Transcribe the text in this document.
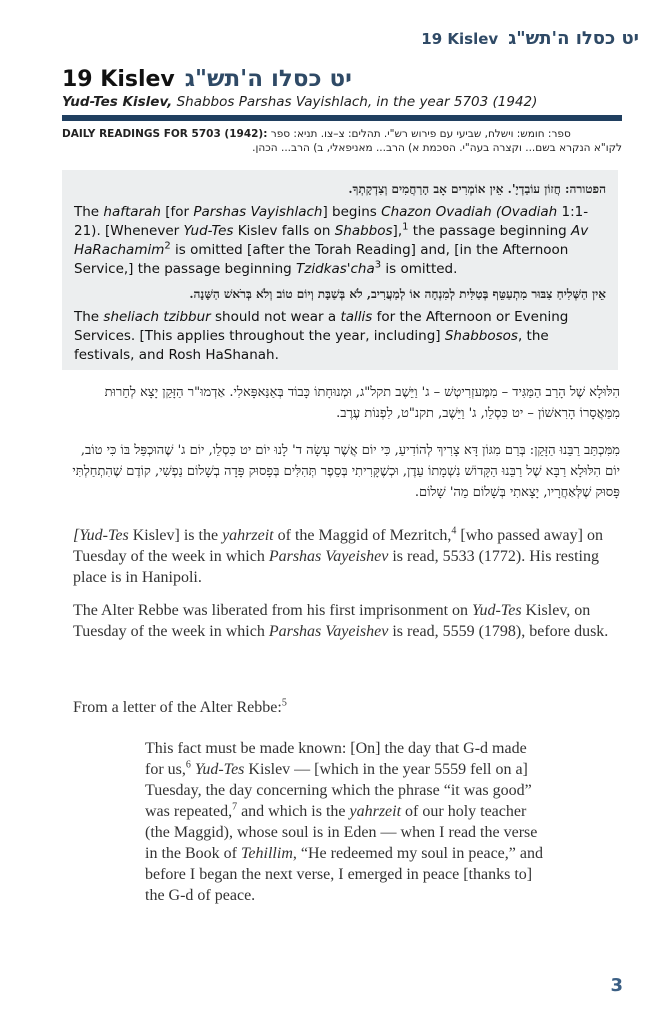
19 Kislev יט כסלו ה'תש"ג
19 Kislev יט כסלו ה'תש"ג
Yud-Tes Kislev, Shabbos Parshas Vayishlach, in the year 5703 (1942)
DAILY READINGS FOR 5703 (1942): ספר: חומש: וישלח, שביעי עם פירוש רש"י. תהלים: צ–צו. תניא: ספר
לקו"א הנקרא בשם... וקצרה בעה"י. הסכמת א) הרב... מאניפאלי, ב) הרב... הכהן.
הפטורה: חֲזוֹן עוֹבַדְיָ'. אֵין אוֹמְרִים אָב הָרַחֲמִים וְצִדְקָתְךָ.
The haftarah [for Parshas Vayishlach] begins Chazon Ovadiah (Ovadiah 1:1-21). [Whenever Yud-Tes Kislev falls on Shabbos],$^1$ the passage beginning Av HaRachamim$^2$ is omitted [after the Torah Reading] and, [in the Afternoon Service,] the passage beginning Tzidkas'cha$^3$ is omitted.
אֵין הַשְּׁלִיחַ צִבּוּר מִתְעַטֵּף בְּטַלִּית לְמִנְחָה אוֹ לְמַעֲרִיב, לֹא בְּשַׁבָּת וְיוֹם טוֹב וְלֹא בְּרֹאשׁ הַשָּׁנָה.
The sheliach tzibbur should not wear a tallis for the Afternoon or Evening Services. [This applies throughout the year, including] Shabbosos, the festivals, and Rosh HaShanah.
הִלּוּלָא שֶׁל הָרַב הַמַּגִּיד – מִמֶּעזְרִיטְשׁ – ג' וַיֵּשֶׁב תקל"ג, וּמְנוּחָתוֹ כָּבוֹד בְּאַנַּאפָּאלִי. אַדְמוּ"ר הַזָּקֵן יָצָא לְחֵרוּת מִמַּאֲסָרוֹ הָרִאשׁוֹן – יט כִּסְלֵו, ג' וַיֵּשֶׁב, תקנ"ט, לִפְנוֹת עֶרֶב.
מִמִּכְתַּב רַבֵּנוּ הַזָּקֵן: בְּרַם מִגּוֹן דָּא צָרִיךְ לְהוֹדִיעַ, כִּי יוֹם אֲשֶׁר עָשָׂה ד' לָנוּ יוֹם יט כִּסְלֵו, יוֹם ג' שֶׁהוּכְפַּל בּוֹ כִּי טוֹב, יוֹם הִלּוּלָא רַבָּא שֶׁל רַבֵּנוּ הַקָּדוֹשׁ נִשְׁמָתוֹ עֵדֶן, וּכְשֶׁקָּרִיתִי בְּסֵפֶר תְּהִלִּים בְּפָסוּק פָּדָה בְשָׁלוֹם נַפְשִׁי, קוֹדֶם שֶׁהִתְחַלְתִּי פָּסוּק שֶׁלְּאַחֲרָיו, יָצָאתִי בְּשָׁלוֹם מֵה' שָׁלוֹם.
[Yud-Tes Kislev] is the yahrzeit of the Maggid of Mezritch,$^4$ [who passed away] on Tuesday of the week in which Parshas Vayeishev is read, 5533 (1772). His resting place is in Hanipoli.
The Alter Rebbe was liberated from his first imprisonment on Yud-Tes Kislev, on Tuesday of the week in which Parshas Vayeishev is read, 5559 (1798), before dusk.
From a letter of the Alter Rebbe:$^5$
This fact must be made known: [On] the day that G-d made for us,$^6$ Yud-Tes Kislev — [which in the year 5559 fell on a] Tuesday, the day concerning which the phrase “it was good” was repeated,$^7$ and which is the yahrzeit of our holy teacher (the Maggid), whose soul is in Eden — when I read the verse in the Book of Tehillim, “He redeemed my soul in peace,” and before I began the next verse, I emerged in peace [thanks to] the G-d of peace.
3
